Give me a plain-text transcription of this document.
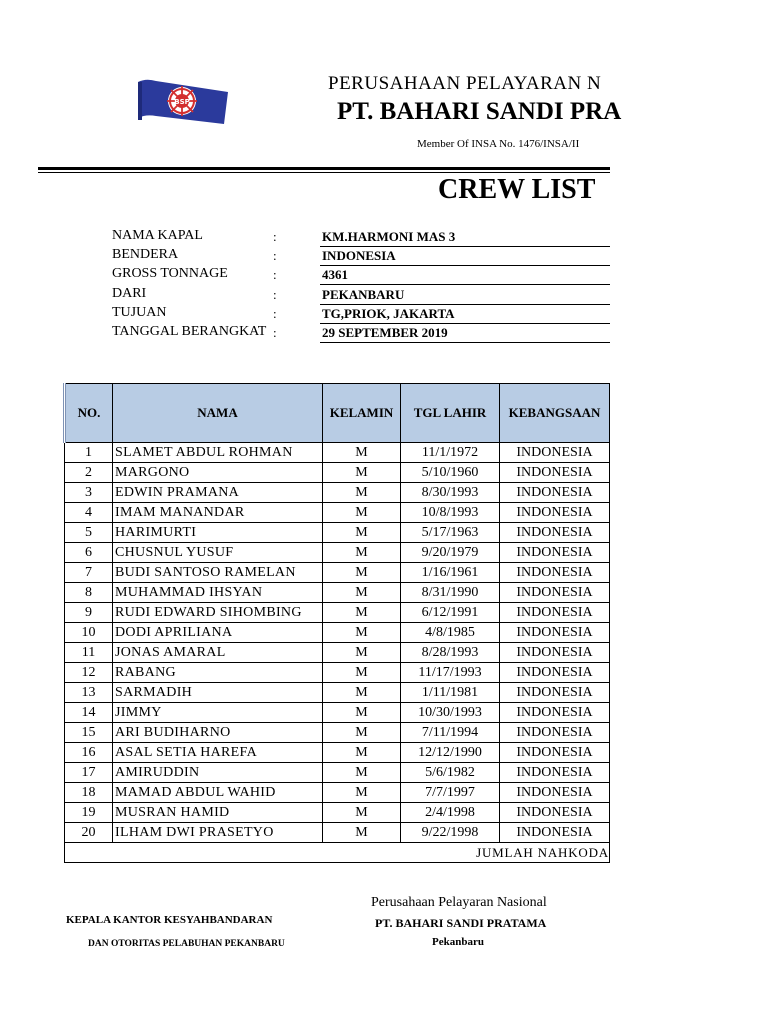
BSP
PERUSAHAAN PELAYARAN N
PT. BAHARI SANDI PRA
Member Of INSA No. 1476/INSA/II
CREW LIST
NAMA KAPAL	:	KM.HARMONI MAS 3
BENDERA	:	INDONESIA
GROSS TONNAGE	:	4361
DARI	:	PEKANBARU
TUJUAN	:	TG,PRIOK, JAKARTA
TANGGAL BERANGKAT :	29 SEPTEMBER 2019
NO.	NAMA	KELAMIN	TGL LAHIR	KEBANGSAAN
1	SLAMET ABDUL ROHMAN	M	11/1/1972	INDONESIA
2	MARGONO	M	5/10/1960	INDONESIA
3	EDWIN PRAMANA	M	8/30/1993	INDONESIA
4	IMAM MANANDAR	M	10/8/1993	INDONESIA
5	HARIMURTI	M	5/17/1963	INDONESIA
6	CHUSNUL YUSUF	M	9/20/1979	INDONESIA
7	BUDI SANTOSO RAMELAN	M	1/16/1961	INDONESIA
8	MUHAMMAD IHSYAN	M	8/31/1990	INDONESIA
9	RUDI EDWARD SIHOMBING	M	6/12/1991	INDONESIA
10	DODI APRILIANA	M	4/8/1985	INDONESIA
11	JONAS AMARAL	M	8/28/1993	INDONESIA
12	RABANG	M	11/17/1993	INDONESIA
13	SARMADIH	M	1/11/1981	INDONESIA
14	JIMMY	M	10/30/1993	INDONESIA
15	ARI BUDIHARNO	M	7/11/1994	INDONESIA
16	ASAL SETIA HAREFA	M	12/12/1990	INDONESIA
17	AMIRUDDIN	M	5/6/1982	INDONESIA
18	MAMAD ABDUL WAHID	M	7/7/1997	INDONESIA
19	MUSRAN HAMID	M	2/4/1998	INDONESIA
20	ILHAM DWI PRASETYO	M	9/22/1998	INDONESIA
JUMLAH NAHKODA				
KEPALA KANTOR KESYAHBANDARAN
DAN OTORITAS PELABUHAN PEKANBARU
Perusahaan Pelayaran Nasional
PT. BAHARI SANDI PRATAMA
Pekanbaru
